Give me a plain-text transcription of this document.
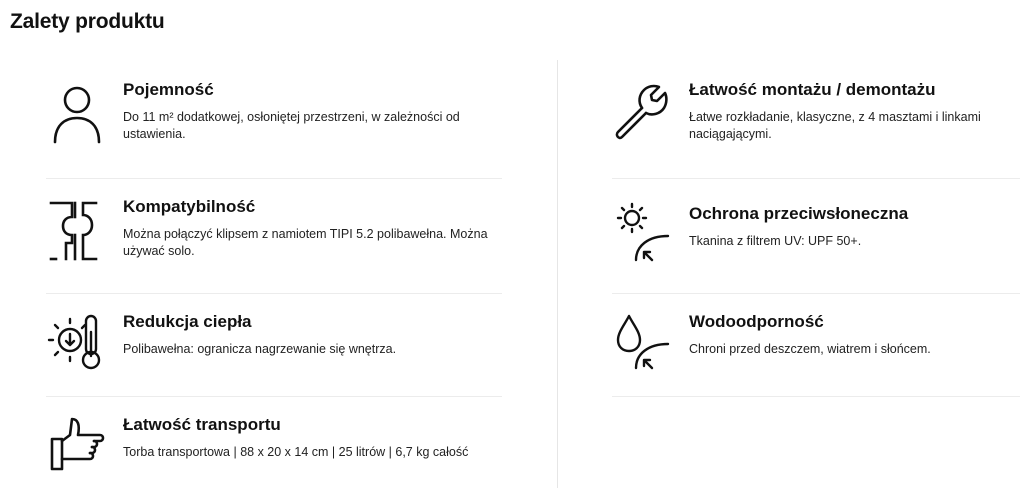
Zalety produktu
Pojemność
Do 11 m² dodatkowej, osłoniętej przestrzeni, w zależności od ustawienia.
Kompatybilność
Można połączyć klipsem z namiotem TIPI 5.2 polibawełna. Można używać solo.
Redukcja ciepła
Polibawełna: ogranicza nagrzewanie się wnętrza.
Łatwość transportu
Torba transportowa | 88 x 20 x 14 cm | 25 litrów | 6,7 kg całość
Łatwość montażu / demontażu
Łatwe rozkładanie, klasyczne, z 4 masztami i linkami naciągającymi.
Ochrona przeciwsłoneczna
Tkanina z filtrem UV: UPF 50+.
Wodoodporność
Chroni przed deszczem, wiatrem i słońcem.
